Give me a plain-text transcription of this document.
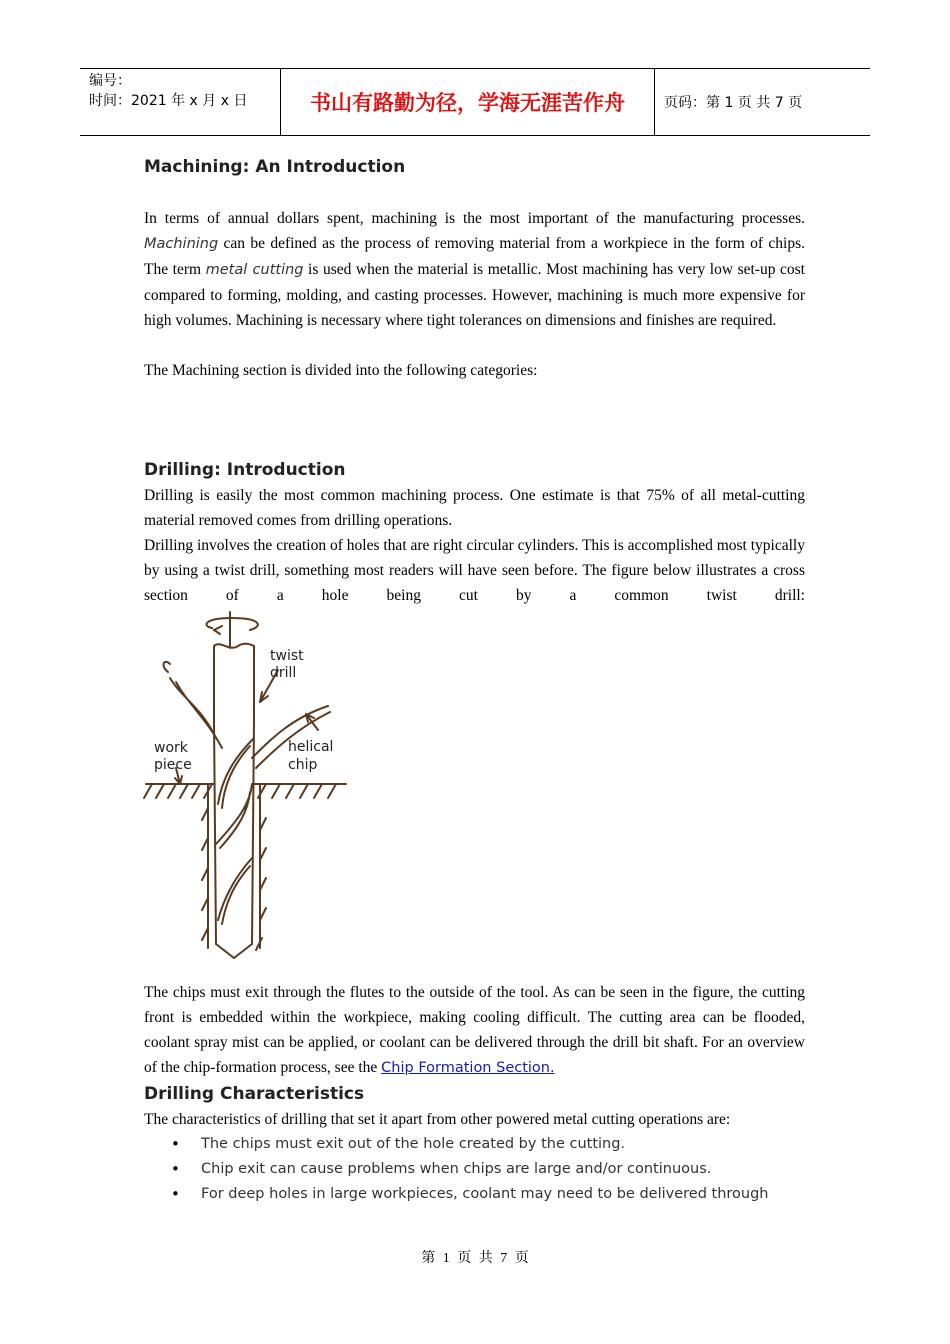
编号：
时间：2021 年 x 月 x 日	书山有路勤为径，学海无涯苦作舟	页码：第 1 页 共 7 页
Machining: An Introduction

In terms of annual dollars spent, machining is the most important of the manufacturing processes. Machining can be defined as the process of removing material from a workpiece in the form of chips. The term metal cutting is used when the material is metallic. Most machining has very low set-up cost compared to forming, molding, and casting processes. However, machining is much more expensive for high volumes. Machining is necessary where tight tolerances on dimensions and finishes are required.

The Machining section is divided into the following categories:

Drilling: Introduction

Drilling is easily the most common machining process. One estimate is that 75% of all metal-cutting material removed comes from drilling operations.

Drilling involves the creation of holes that are right circular cylinders. This is accomplished most typically by using a twist drill, something most readers will have seen before. The figure below illustrates a cross section of a hole being cut by a common twist drill:

twist
drill
work
piece
helical
chip

The chips must exit through the flutes to the outside of the tool. As can be seen in the figure, the cutting front is embedded within the workpiece, making cooling difficult. The cutting area can be flooded, coolant spray mist can be applied, or coolant can be delivered through the drill bit shaft. For an overview of the chip-formation process, see the Chip Formation Section.

Drilling Characteristics

The characteristics of drilling that set it apart from other powered metal cutting operations are:

• The chips must exit out of the hole created by the cutting.
• Chip exit can cause problems when chips are large and/or continuous.
• For deep holes in large workpieces, coolant may need to be delivered through
第 1 页 共 7 页
